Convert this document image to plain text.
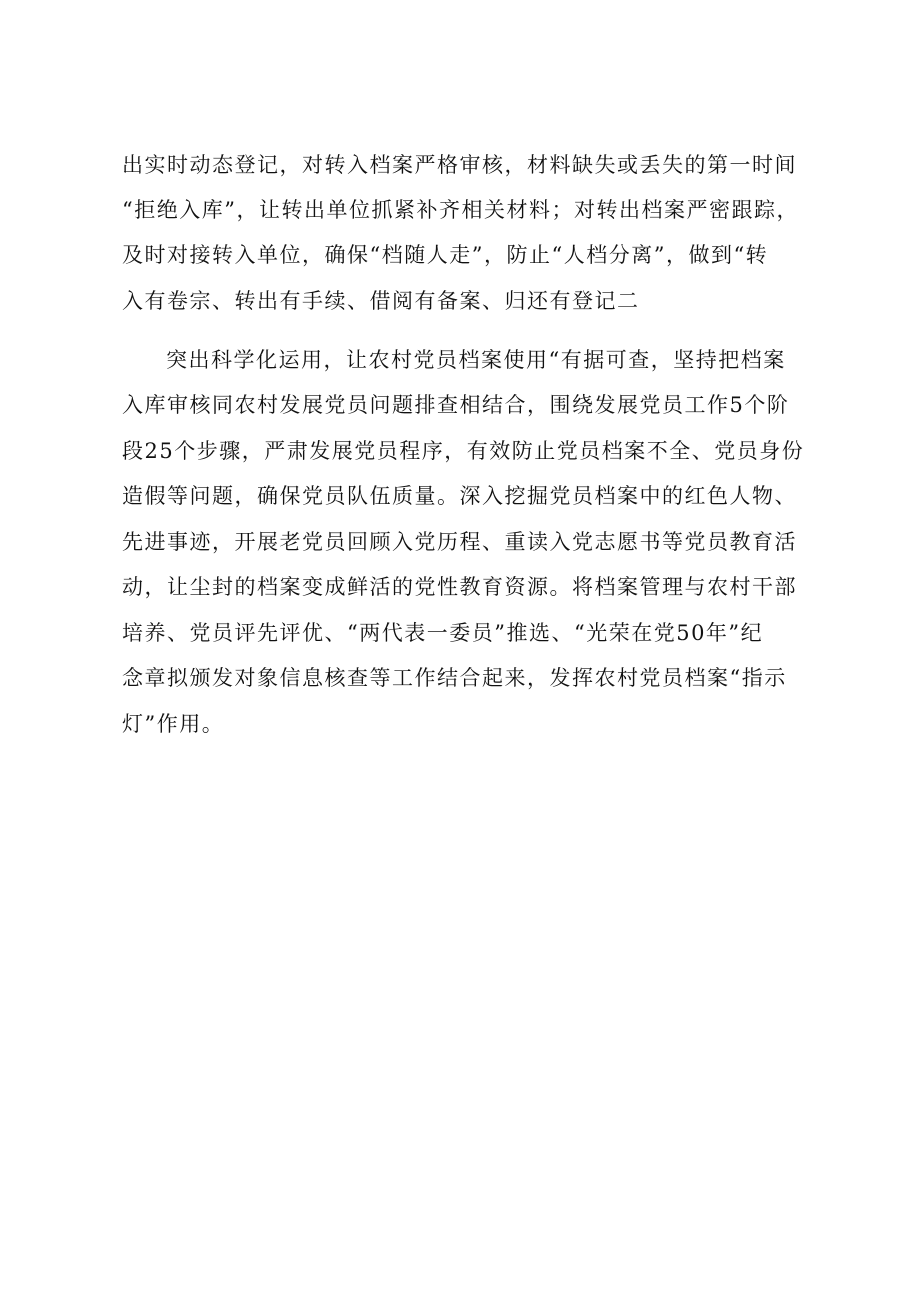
出实时动态登记，对转入档案严格审核，材料缺失或丢失的第一时间
“拒绝入库”，让转出单位抓紧补齐相关材料；对转出档案严密跟踪，
及时对接转入单位，确保“档随人走”，防止“人档分离”，做到“转
入有卷宗、转出有手续、借阅有备案、归还有登记二
突出科学化运用，让农村党员档案使用“有据可查，坚持把档案
入库审核同农村发展党员问题排查相结合，围绕发展党员工作5个阶
段25个步骤，严肃发展党员程序，有效防止党员档案不全、党员身份
造假等问题，确保党员队伍质量。深入挖掘党员档案中的红色人物、
先进事迹，开展老党员回顾入党历程、重读入党志愿书等党员教育活
动，让尘封的档案变成鲜活的党性教育资源。将档案管理与农村干部
培养、党员评先评优、“两代表一委员”推选、“光荣在党50年”纪
念章拟颁发对象信息核查等工作结合起来，发挥农村党员档案“指示
灯”作用。
